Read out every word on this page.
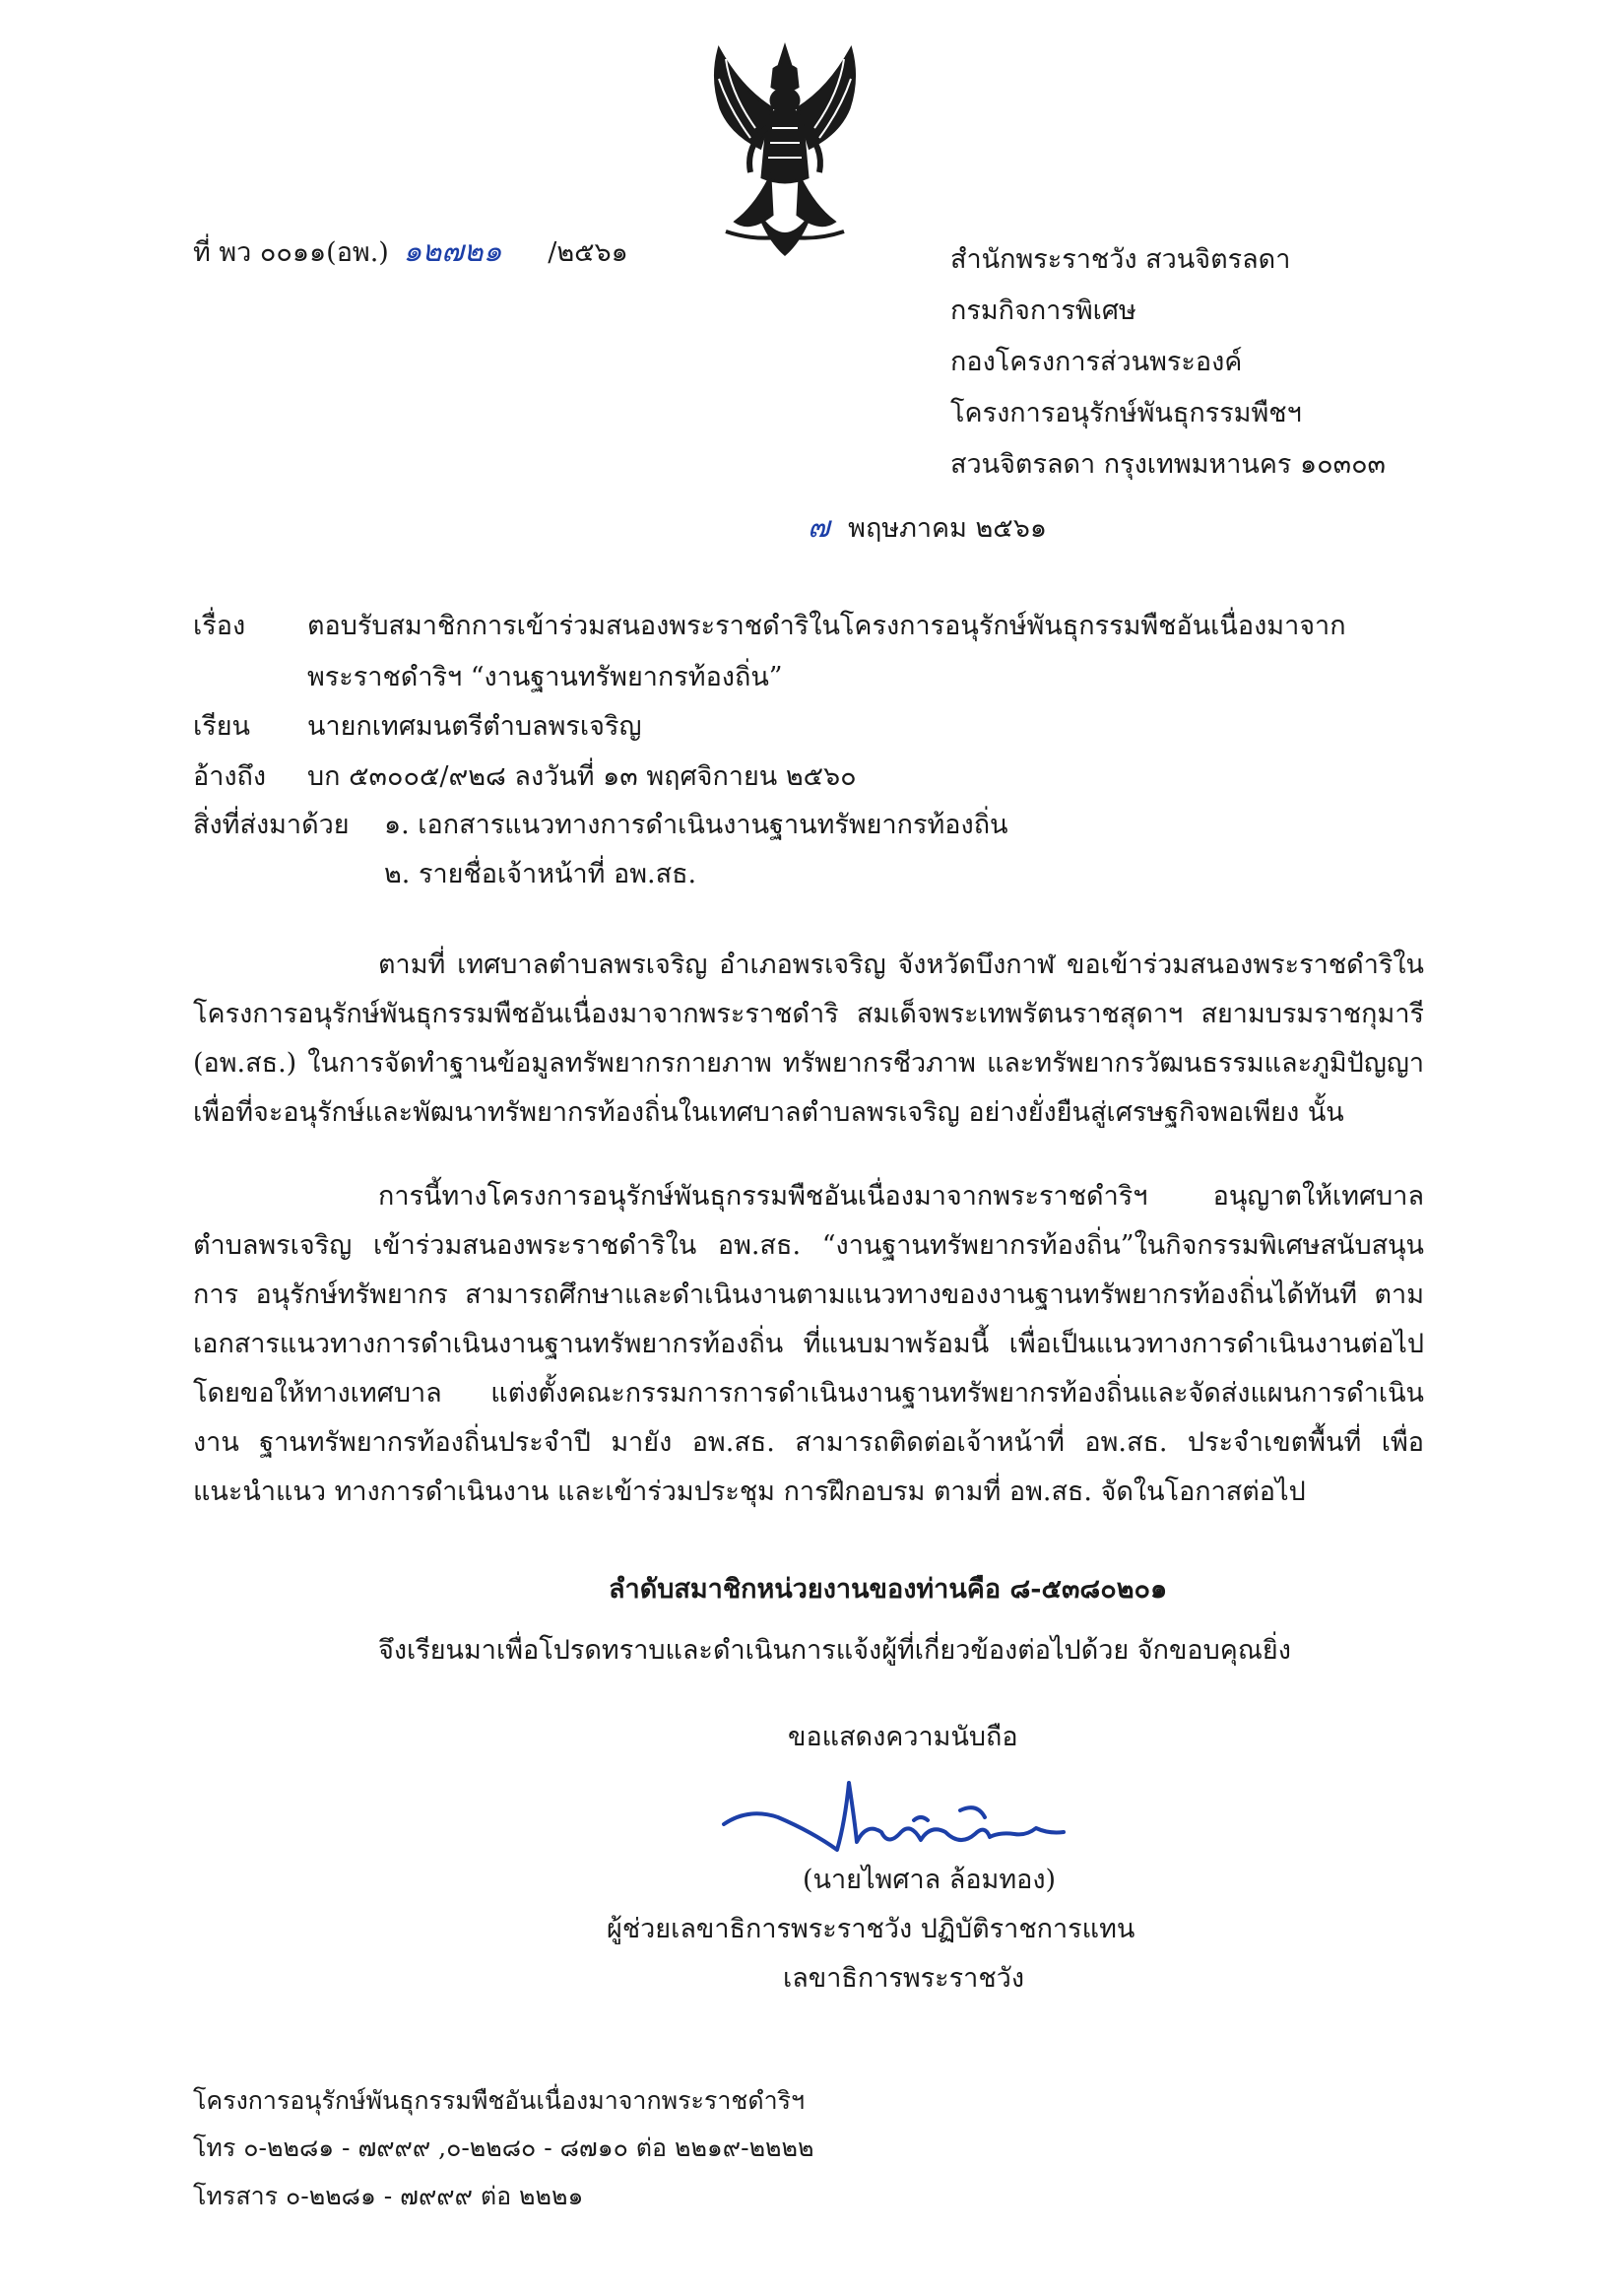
ที่ พว ๐๐๑๑(อพ.) ๑๒๗๒๑ /๒๕๖๑	สำนักพระราชวัง สวนจิตรลดา
กรมกิจการพิเศษ
กองโครงการส่วนพระองค์
โครงการอนุรักษ์พันธุกรรมพืชฯ
สวนจิตรลดา กรุงเทพมหานคร ๑๐๓๐๓
๗ พฤษภาคม ๒๕๖๑
เรื่อง ตอบรับสมาชิกการเข้าร่วมสนองพระราชดำริในโครงการอนุรักษ์พันธุกรรมพืชอันเนื่องมาจาก
พระราชดำริฯ “งานฐานทรัพยากรท้องถิ่น”
เรียน นายกเทศมนตรีตำบลพรเจริญ
อ้างถึง บก ๕๓๐๐๕/๙๒๘ ลงวันที่ ๑๓ พฤศจิกายน ๒๕๖๐
สิ่งที่ส่งมาด้วย ๑. เอกสารแนวทางการดำเนินงานฐานทรัพยากรท้องถิ่น
๒. รายชื่อเจ้าหน้าที่ อพ.สธ.
ตามที่ เทศบาลตำบลพรเจริญ อำเภอพรเจริญ จังหวัดบึงกาฬ ขอเข้าร่วมสนองพระราชดำริใน โครงการอนุรักษ์พันธุกรรมพืชอันเนื่องมาจากพระราชดำริ สมเด็จพระเทพรัตนราชสุดาฯ สยามบรมราชกุมารี (อพ.สธ.) ในการจัดทำฐานข้อมูลทรัพยากรกายภาพ ทรัพยากรชีวภาพ และทรัพยากรวัฒนธรรมและภูมิปัญญา เพื่อที่จะอนุรักษ์และพัฒนาทรัพยากรท้องถิ่นในเทศบาลตำบลพรเจริญ อย่างยั่งยืนสู่เศรษฐกิจพอเพียง นั้น
การนี้ทางโครงการอนุรักษ์พันธุกรรมพืชอันเนื่องมาจากพระราชดำริฯ อนุญาตให้เทศบาล ตำบลพรเจริญ เข้าร่วมสนองพระราชดำริใน อพ.สธ. “งานฐานทรัพยากรท้องถิ่น”ในกิจกรรมพิเศษสนับสนุนการ อนุรักษ์ทรัพยากร สามารถศึกษาและดำเนินงานตามแนวทางของงานฐานทรัพยากรท้องถิ่นได้ทันที ตาม เอกสารแนวทางการดำเนินงานฐานทรัพยากรท้องถิ่น ที่แนบมาพร้อมนี้ เพื่อเป็นแนวทางการดำเนินงานต่อไป โดยขอให้ทางเทศบาล แต่งตั้งคณะกรรมการการดำเนินงานฐานทรัพยากรท้องถิ่นและจัดส่งแผนการดำเนินงาน ฐานทรัพยากรท้องถิ่นประจำปี มายัง อพ.สธ. สามารถติดต่อเจ้าหน้าที่ อพ.สธ. ประจำเขตพื้นที่ เพื่อแนะนำแนว ทางการดำเนินงาน และเข้าร่วมประชุม การฝึกอบรม ตามที่ อพ.สธ. จัดในโอกาสต่อไป
ลำดับสมาชิกหน่วยงานของท่านคือ ๘-๕๓๘๐๒๐๑
จึงเรียนมาเพื่อโปรดทราบและดำเนินการแจ้งผู้ที่เกี่ยวข้องต่อไปด้วย จักขอบคุณยิ่ง
ขอแสดงความนับถือ
(นายไพศาล ล้อมทอง)
ผู้ช่วยเลขาธิการพระราชวัง ปฏิบัติราชการแทน
เลขาธิการพระราชวัง
โครงการอนุรักษ์พันธุกรรมพืชอันเนื่องมาจากพระราชดำริฯ
โทร ๐-๒๒๘๑ - ๗๙๙๙ ,๐-๒๒๘๐ - ๘๗๑๐ ต่อ ๒๒๑๙-๒๒๒๒
โทรสาร ๐-๒๒๘๑ - ๗๙๙๙ ต่อ ๒๒๒๑
